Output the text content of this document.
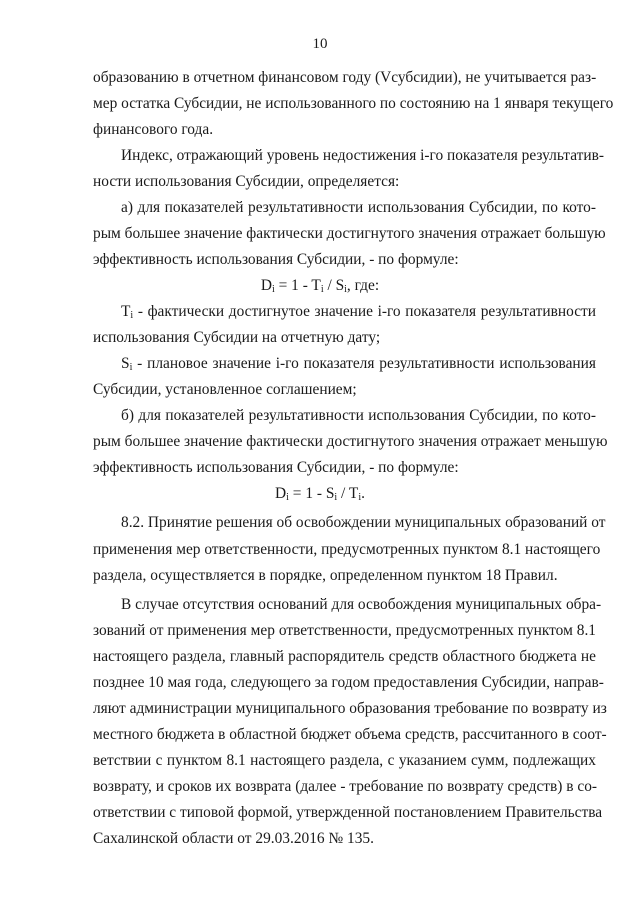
10
образованию в отчетном финансовом году (Vсубсидии), не учитывается раз-
мер остатка Субсидии, не использованного по состоянию на 1 января текущего
финансового года.
Индекс, отражающий уровень недостижения i-го показателя результатив-
ности использования Субсидии, определяется:
а) для показателей результативности использования Субсидии, по кото-
рым большее значение фактически достигнутого значения отражает большую
эффективность использования Субсидии, - по формуле:
$D_i = 1 - T_i / S_i$, где:
$T_i$ - фактически достигнутое значение i-го показателя результативности
использования Субсидии на отчетную дату;
$S_i$ - плановое значение i-го показателя результативности использования
Субсидии, установленное соглашением;
б) для показателей результативности использования Субсидии, по кото-
рым большее значение фактически достигнутого значения отражает меньшую
эффективность использования Субсидии, - по формуле:
$D_i = 1 - S_i / T_i$.
8.2. Принятие решения об освобождении муниципальных образований от
применения мер ответственности, предусмотренных пунктом 8.1 настоящего
раздела, осуществляется в порядке, определенном пунктом 18 Правил.
В случае отсутствия оснований для освобождения муниципальных обра-
зований от применения мер ответственности, предусмотренных пунктом 8.1
настоящего раздела, главный распорядитель средств областного бюджета не
позднее 10 мая года, следующего за годом предоставления Субсидии, направ-
ляют администрации муниципального образования требование по возврату из
местного бюджета в областной бюджет объема средств, рассчитанного в соот-
ветствии с пунктом 8.1 настоящего раздела, с указанием сумм, подлежащих
возврату, и сроков их возврата (далее - требование по возврату средств) в со-
ответствии с типовой формой, утвержденной постановлением Правительства
Сахалинской области от 29.03.2016 № 135.
